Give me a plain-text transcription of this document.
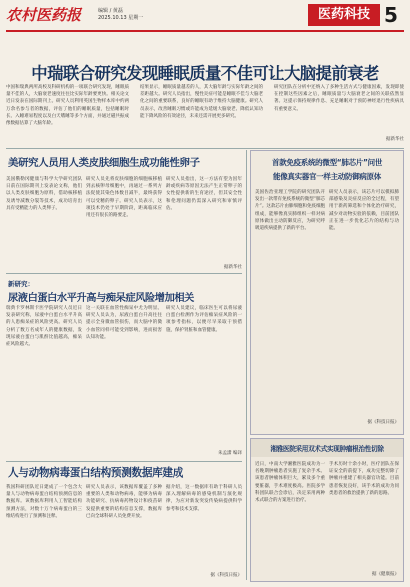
农村医药报	编辑 / 黄磊
2025.10.13 星期一	医药科技 5
中瑞联合研究发现睡眠质量不佳可让大脑提前衰老
中国和瑞典两所高校及科研机构的一项联合研究发现，睡眠质量不佳的人，大脑衰老速度往往比实际年龄要更快。相关论文近日发表在国际期刊上。研究人员利用英国生物样本库中约两万余名参与者的数据，评估了他们的睡眠质量，包括睡眠时长、入睡难易程度以及白天嗜睡等多个方面，并通过磁共振成像数据估算了大脑年龄。
结果显示，睡眠质量越差的人，其大脑年龄与实际年龄之间的差距越大。研究人员指出，慢性炎症可能是睡眠不佳与大脑老化之间的重要联系，良好的睡眠有助于维持大脑健康。研究人员表示，改善睡眠习惯或许能成为延缓大脑衰老、降低认知功能下降风险的有效途径，未来还需开展更多研究。
研究团队在分析中还纳入了多种生活方式与健康因素，发现即使在控制这些因素之后，睡眠质量与大脑衰老之间的关联依然显著。这提示保持规律作息、充足睡眠对于预防神经退行性疾病具有重要意义。
据新华社
美研究人员用人类皮肤细胞生成功能性卵子
美国俄勒冈健康与科学大学研究团队日前在国际期刊上发表论文称，他们以人类皮肤细胞为原料，借助核移植及诱导减数分裂等技术，成功培育出具有受精能力的人类卵子。
研究人员先将皮肤细胞的细胞核移植到去核卵母细胞中，再通过一系列方法促使其染色体数目减半，最终获得可以受精的卵子。研究人员表示，这项技术仍处于早期阶段，距离临床应用还有很长的路要走。
研究人员指出，这一方法有望为因年龄或疾病等原因无法产生正常卵子的女性提供新的生育途径，但其安全性和伦理问题仍需深入研究和审慎评估。
据新华社
新研究：
尿液白蛋白水平升高与痴呆症风险增加相关
瑞典卡罗林斯卡医学院研究人员近日发表研究称，尿液中白蛋白水平升高的人患痴呆症的风险更高。研究人员分析了数万名成年人的健康数据，发现尿液白蛋白与肌酐比值越高，痴呆症风险越大。
这一关联在血管性痴呆中尤为明显。研究人员认为，尿液白蛋白升高往往提示全身微血管损伤，而大脑中的微小血管同样可能受到影响，进而损害认知功能。
研究人员建议，临床医生可以将尿液白蛋白检测作为评估痴呆症风险的一项参考指标，以便尽早采取干预措施，保护肾脏和血管健康。
朱孟潇 编译
人与动物病毒蛋白结构预测数据库建成
我国科研团队近日建成了一个包含大量人与动物病毒蛋白结构预测信息的数据库。该数据库利用人工智能结构预测方法，对数十万个病毒蛋白的三维结构进行了预测和注释。
研究人员表示，该数据库覆盖了多种重要的人类和动物病毒，能够为病毒功能研究、抗病毒药物设计和疫苗研发提供重要的结构信息支撑，数据库已向全球科研人员免费开放。
据介绍，这一数据库有助于科研人员深入理解病毒的感染机制与演化规律，为应对新发突发传染病提供科学参考和技术支撑。
据《科技日报》
首款免疫系统的微型“肺芯片”问世
能像真实器官一样主动防御病原体
美国佐治亚理工学院的研究团队开发出一款带有免疫系统的微型“肺芯片”。这款芯片由肺细胞和免疫细胞组成，能够像真实肺组织一样对病原体做出主动防御反应，为研究呼吸道疾病提供了新的平台。
研究人员表示，该芯片可以模拟肺部感染及炎症反应的全过程，有望用于新药筛选和个体化治疗研究，减少对动物实验的依赖，目前团队正在进一步优化芯片的结构与功能。
据《科技日报》
湘雅医院采用双术式实现肿瘤根治性切除
近日，中南大学湘雅医院成功为一名晚期肿瘤患者实施了复杂手术。该患者肿瘤体积巨大，累及多个重要脏器，手术难度极高。医院多学科团队联合会诊后，决定采用两种术式联合的方案进行治疗。
手术历时十余小时，医疗团队在保证安全的前提下，成功完整切除了肿瘤并重建了相关器官功能。目前患者恢复良好，该手术的成功为同类患者的救治提供了新的思路。
据《健康报》
